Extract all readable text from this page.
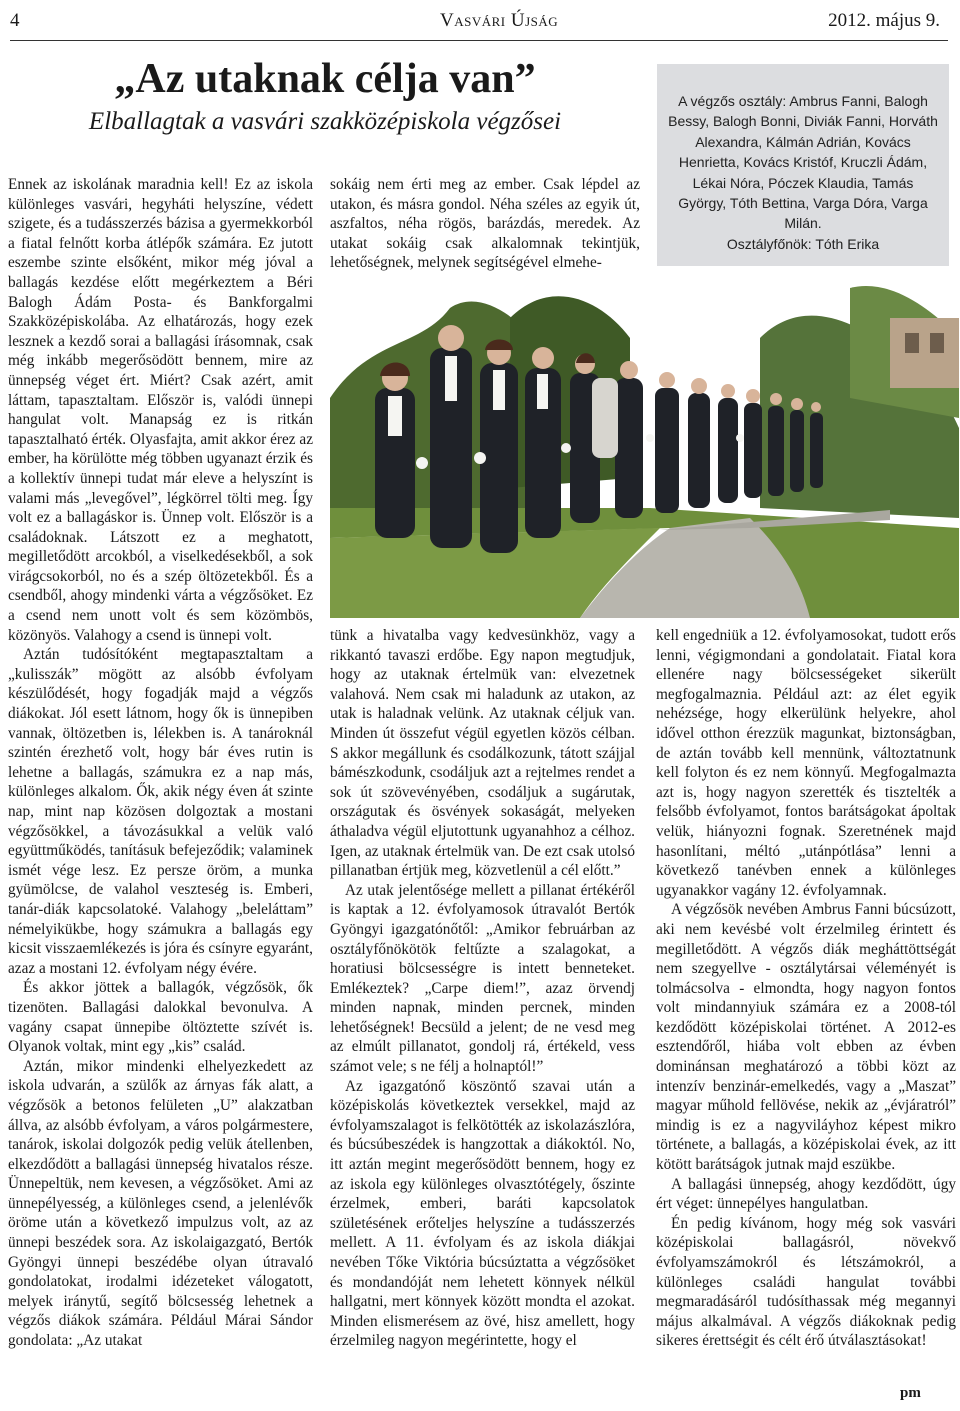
4	Vasvári Újság	2012. május 9.
„Az utaknak célja van”
Elballagtak a vasvári szakközépiskola végzősei

Ennek az iskolának maradnia kell! Ez az iskola különleges vasvári, hegyháti helyszíne, védett szigete, és a tudásszerzés bázisa a gyermekkorból a fiatal felnőtt korba átlépők számára. Ez jutott eszembe szinte elsőként, mikor még jóval a ballagás kezdése előtt megérkeztem a Béri Balogh Ádám Posta- és Bankforgalmi Szakközépiskolába. Az elhatározás, hogy ezek lesznek a kezdő sorai a ballagási írásomnak, csak még inkább megerősödött bennem, mire az ünnepség véget ért. Miért? Csak azért, amit láttam, tapasztaltam. Először is, valódi ünnepi hangulat volt. Manapság ez is ritkán tapasztalható érték. Olyasfajta, amit akkor érez az ember, ha körülötte még többen ugyanazt érzik és a kollektív ünnepi tudat már eleve a helyszínt is valami más „levegővel”, légkörrel tölti meg. Így volt ez a ballagáskor is. Ünnep volt. Először is a családoknak. Látszott ez a meghatott, megilletődött arcokból, a viselkedésekből, a sok virágcsokorból, no és a szép öltözetekből. És a csendből, ahogy mindenki várta a végzősöket. Ez a csend nem unott volt és sem közömbös, közönyös. Valahogy a csend is ünnepi volt.

Aztán tudósítóként megtapasztaltam a „kulisszák” mögött az alsóbb évfolyam készülődését, hogy fogadják majd a végzős diákokat. Jól esett látnom, hogy ők is ünnepiben vannak, öltözetben is, lélekben is. A tanároknál szintén érezhető volt, hogy bár éves rutin is lehetne a ballagás, számukra ez a nap más, különleges alkalom. Ők, akik négy éven át szinte nap, mint nap közösen dolgoztak a mostani végzősökkel, a távozásukkal a velük való együttműködés, tanításuk befejeződik; valaminek ismét vége lesz. Ez persze öröm, a munka gyümölcse, de valahol veszteség is. Emberi, tanár-diák kapcsolatoké. Valahogy „beleláttam” némelyikükbe, hogy számukra a ballagás egy kicsit visszaemlékezés is jóra és csínyre egyaránt, azaz a mostani 12. évfolyam négy évére.

És akkor jöttek a ballagók, végzősök, ők tizenöten. Ballagási dalokkal bevonulva. A vagány csapat ünnepibe öltöztette szívét is. Olyanok voltak, mint egy „kis” család.

Aztán, mikor mindenki elhelyezkedett az iskola udvarán, a szülők az árnyas fák alatt, a végzősök a betonos felületen „U” alakzatban állva, az alsóbb évfolyam, a város polgármestere, tanárok, iskolai dolgozók pedig velük átellenben, elkezdődött a ballagási ünnepség hivatalos része. Ünnepeltük, nem kevesen, a végzősöket. Ami az ünnepélyesség, a különleges csend, a jelenlévők öröme után a következő impulzus volt, az az ünnepi beszédek sora. Az iskolaigazgató, Bertók Gyöngyi ünnepi beszédébe olyan útravaló gondolatokat, irodalmi idézeteket válogatott, melyek iránytű, segítő bölcsesség lehetnek a végzős diákok számára. Például Márai Sándor gondolata: „Az utakat

sokáig nem érti meg az ember. Csak lépdel az utakon, és másra gondol. Néha széles az egyik út, aszfaltos, néha rögös, barázdás, meredek. Az utakat sokáig csak alkalomnak tekintjük, lehetőségnek, melynek segítségével elmehe-

A végzős osztály: Ambrus Fanni, Balogh Bessy, Balogh Bonni, Diviák Fanni, Horváth Alexandra, Kálmán Adrián, Kovács Henrietta, Kovács Kristóf, Kruczli Ádám, Lékai Nóra, Póczek Klaudia, Tamás György, Tóth Bettina, Varga Dóra, Varga Milán.
Osztályfőnök: Tóth Erika

tünk a hivatalba vagy kedvesünkhöz, vagy a rikkantó tavaszi erdőbe. Egy napon megtudjuk, hogy az utaknak értelmük van: elvezetnek valahová. Nem csak mi haladunk az utakon, az utak is haladnak velünk. Az utaknak céljuk van. Minden út összefut végül egyetlen közös célban. S akkor megállunk és csodálkozunk, tátott szájjal bámészkodunk, csodáljuk azt a rejtelmes rendet a sok út szövevényében, csodáljuk a sugárutak, országutak és ösvények sokaságát, melyeken áthaladva végül eljutottunk ugyanahhoz a célhoz. Igen, az utaknak értelmük van. De ezt csak utolsó pillanatban értjük meg, közvetlenül a cél előtt.”

Az utak jelentősége mellett a pillanat értékéről is kaptak a 12. évfolyamosok útravalót Bertók Gyöngyi igazgatónőtől: „Amikor februárban az osztályfőnökötök feltűzte a szalagokat, a horatiusi bölcsességre is intett benneteket. Emlékeztek? „Carpe diem!”, azaz örvendj minden napnak, minden percnek, minden lehetőségnek! Becsüld a jelent; de ne vesd meg az elmúlt pillanatot, gondolj rá, értékeld, vess számot vele; s ne félj a holnaptól!”

Az igazgatónő köszöntő szavai után a középiskolás következtek versekkel, majd az évfolyamszalagot is felkötötték az iskolazászlóra, és búcsúbeszédek is hangzottak a diákoktól. No, itt aztán megint megerősödött bennem, hogy ez az iskola egy különleges olvasztótégely, őszinte érzelmek, emberi, baráti kapcsolatok születésének erőteljes helyszíne a tudásszerzés mellett. A 11. évfolyam és az iskola diákjai nevében Tőke Viktória búcsúztatta a végzősöket és mondandóját nem lehetett könnyek nélkül hallgatni, mert könnyek között mondta el azokat. Minden elismerésem az övé, hisz amellett, hogy érzelmileg nagyon megérintette, hogy el

kell engedniük a 12. évfolyamosokat, tudott erős lenni, végigmondani a gondolatait. Fiatal kora ellenére nagy bölcsességeket sikerült megfogalmaznia. Például azt: az élet egyik nehézsége, hogy elkerülünk helyekre, ahol idővel otthon érezzük magunkat, biztonságban, de aztán tovább kell mennünk, változtatnunk kell folyton és ez nem könnyű. Megfogalmazta azt is, hogy nagyon szerették és tisztelték a felsőbb évfolyamot, fontos barátságokat ápoltak velük, hiányozni fognak. Szeretnének majd hasonlítani, méltó „utánpótlása” lenni a következő tanévben ennek a különleges ugyanakkor vagány 12. évfolyamnak.

A végzősök nevében Ambrus Fanni búcsúzott, aki nem kevésbé volt érzelmileg érintett és megilletődött. A végzős diák megháttöttségát nem szegyellve - osztálytársai véleményét is tolmácsolva - elmondta, hogy nagyon fontos volt mindannyiuk számára ez a 2008-tól kezdődött középiskolai történet. A 2012-es esztendőről, hiába volt ebben az évben dominánsan meghatározó a többi közt az intenzív benzinár-emelkedés, vagy a „Maszat” magyar műhold fellövése, nekik az „évjáratról” mindig is ez a nagyviláyhoz képest mikro története, a ballagás, a középiskolai évek, az itt kötött barátságok jutnak majd eszükbe.

A ballagási ünnepség, ahogy kezdődött, úgy ért véget: ünnepélyes hangulatban.

Én pedig kívánom, hogy még sok vasvári középiskolai ballagásról, növekvő évfolyamszámokról és létszámokról, a különleges családi hangulat további megmaradásáról tudósíthassak még megannyi május alkalmával. A végzős diákoknak pedig sikeres érettségit és célt érő útválasztásokat!

pm
